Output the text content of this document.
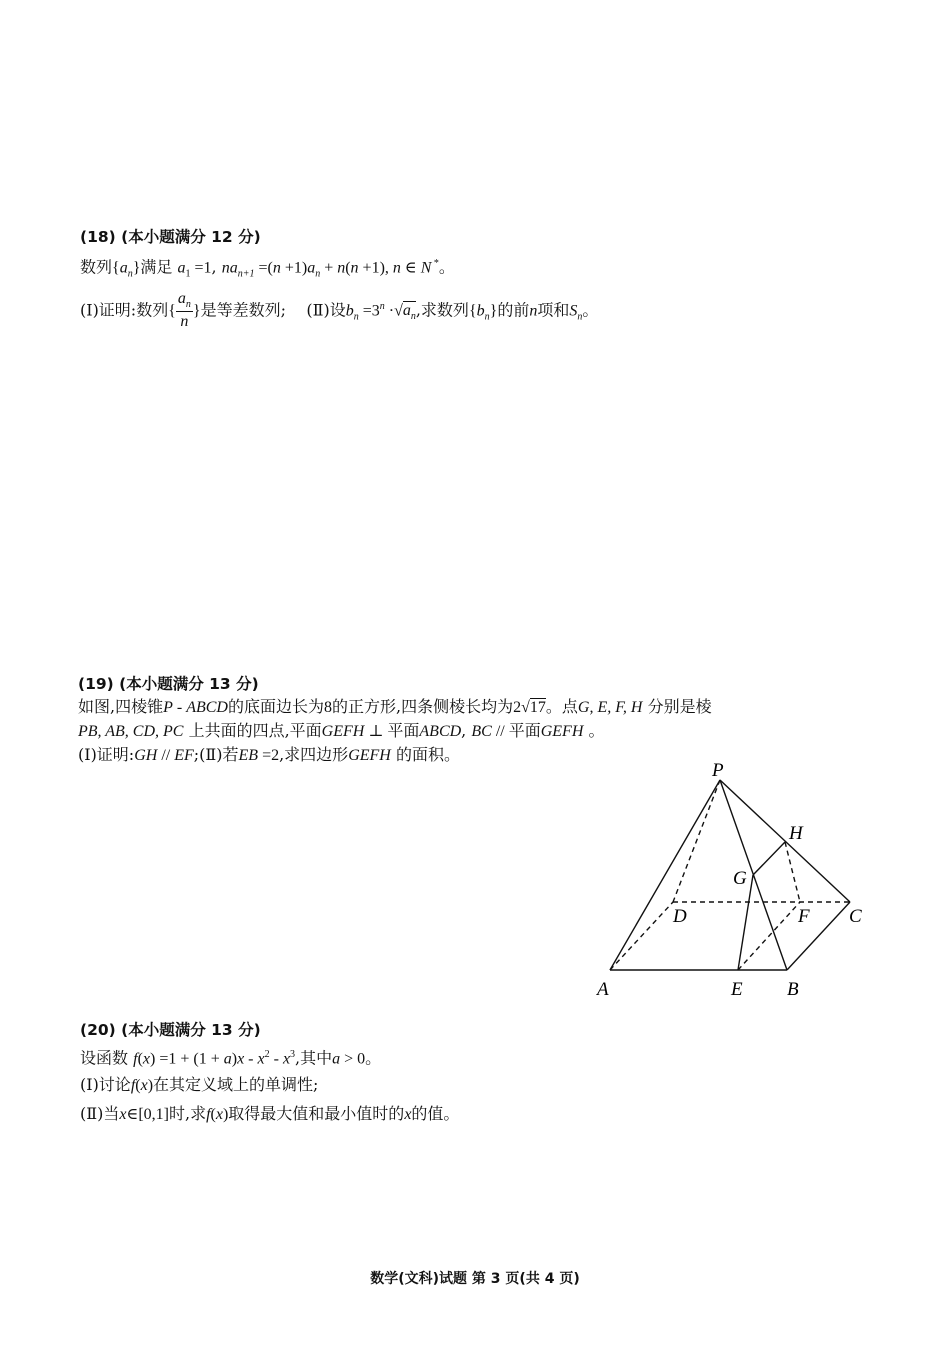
(18) (本小题满分 12 分)
数列$\{a_n\}$满足 $a_1 =1$, $na_{n+1} =(n +1)a_n + n(n +1)$, n ∈ N *。
(Ⅰ)证明:数列{ $\frac{a_n}{n}$ }是等差数列; (Ⅱ)设$b_n =3^n \cdot√a_n$,求数列$\{b_n\}$的前n项和$S_n$。
(19) (本小题满分 13 分)
如图,四棱锥P - ABCD的底面边长为8的正方形,四条侧棱长均为2√17。点G, E, F, H 分别是棱
PB, AB, CD, PC 上共面的四点,平面GEFH ⊥ 平面ABCD, BC // 平面GEFH 。
(Ⅰ)证明:GH // EF;(Ⅱ)若EB =2,求四边形GEFH 的面积。
P
H
G
D	F C
A	E B
(20) (本小题满分 13 分)
设函数 $f(x) =1 + (1 + a)x - x^2 - x^3$,其中a > 0。
(Ⅰ)讨论f(x)在其定义域上的单调性;
(Ⅱ)当x∈[0,1]时,求f(x)取得最大值和最小值时的x的值。
数学(文科)试题 第 3 页(共 4 页)
